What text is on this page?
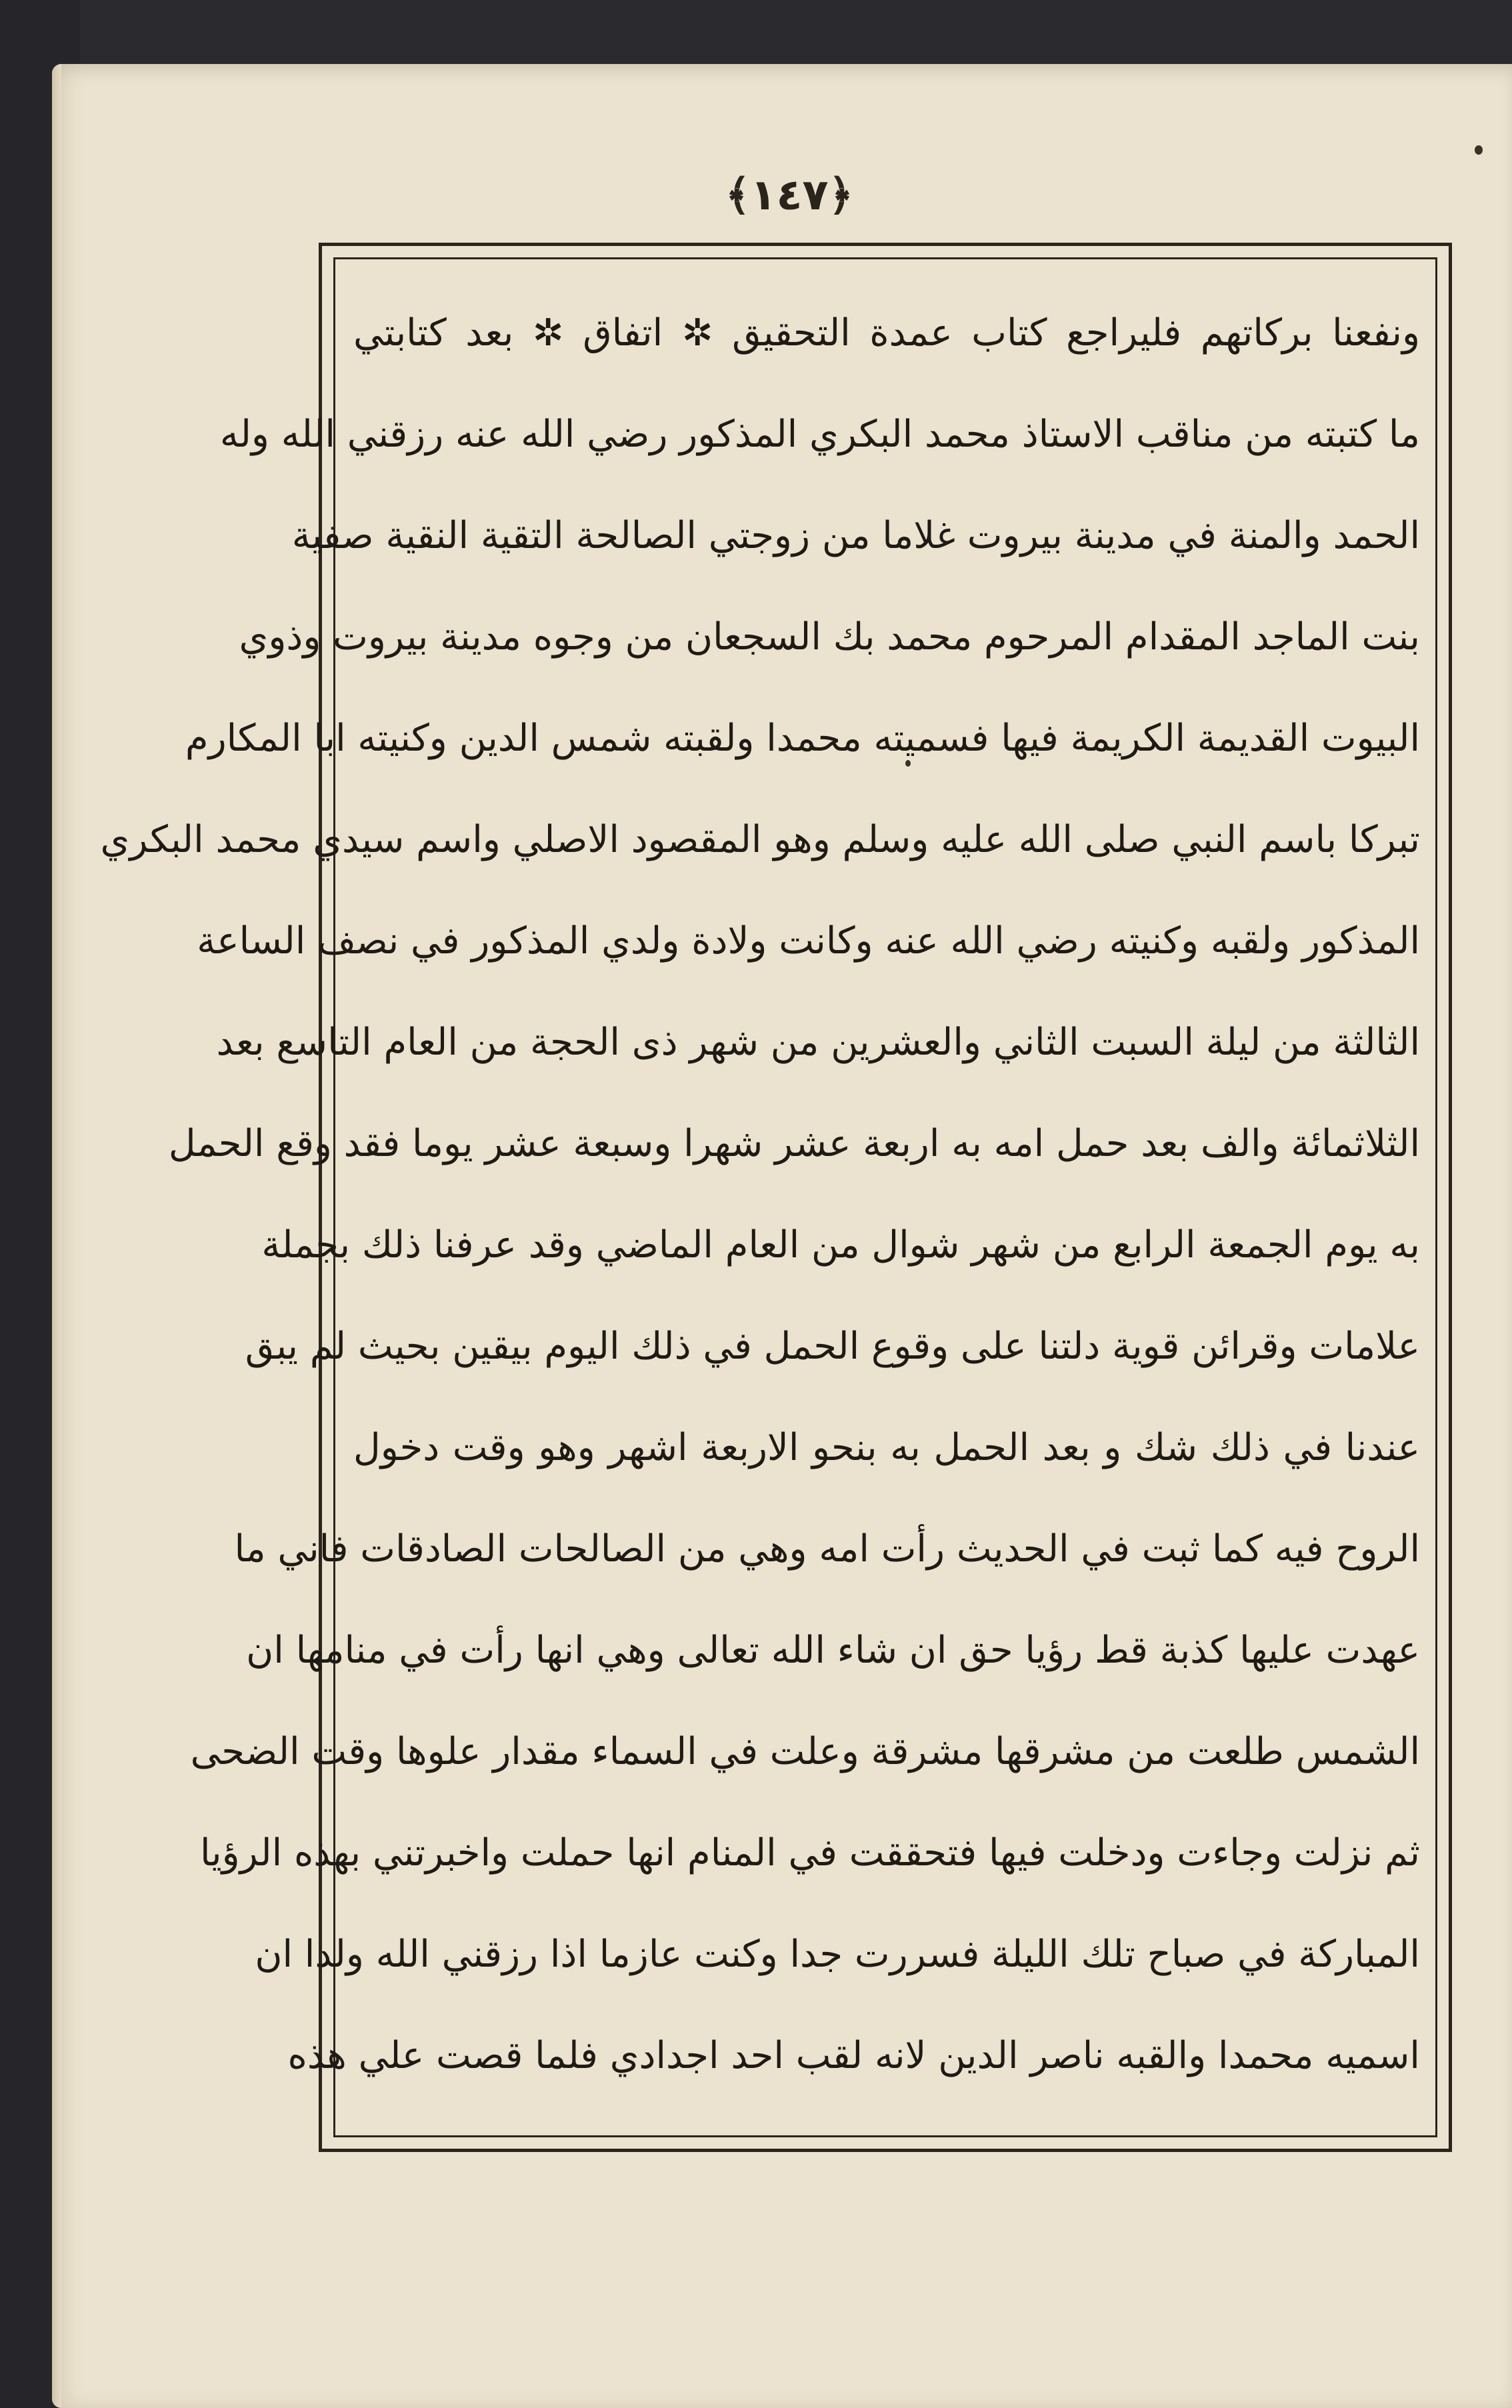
﴿١٤٧﴾
ونفعنا بركاتهم فليراجع كتاب عمدة التحقيق ✲ اتفاق ✲ بعد كتابتي
ما كتبته من مناقب الاستاذ محمد البكري المذكور رضي الله عنه رزقني الله وله
الحمد والمنة في مدينة بيروت غلاما من زوجتي الصالحة التقية النقية صفية
بنت الماجد المقدام المرحوم محمد بك السجعان من وجوه مدينة بيروت وذوي
البيوت القديمة الكريمة فيها فسميته محمدا ولقبته شمس الدين وكنيته ابا المكارم
تبركا باسم النبي صلى الله عليه وسلم وهو المقصود الاصلي واسم سيدي محمد البكري
المذكور ولقبه وكنيته رضي الله عنه وكانت ولادة ولدي المذكور في نصف الساعة
الثالثة من ليلة السبت الثاني والعشرين من شهر ذى الحجة من العام التاسع بعد
الثلاثمائة والف بعد حمل امه به اربعة عشر شهرا وسبعة عشر يوما فقد وقع الحمل
به يوم الجمعة الرابع من شهر شوال من العام الماضي وقد عرفنا ذلك بجملة
علامات وقرائن قوية دلتنا على وقوع الحمل في ذلك اليوم بيقين بحيث لم يبق
عندنا في ذلك شك و بعد الحمل به بنحو الاربعة اشهر وهو وقت دخول
الروح فيه كما ثبت في الحديث رأت امه وهي من الصالحات الصادقات فاني ما
عهدت عليها كذبة قط رؤيا حق ان شاء الله تعالى وهي انها رأت في منامها ان
الشمس طلعت من مشرقها مشرقة وعلت في السماء مقدار علوها وقت الضحى
ثم نزلت وجاءت ودخلت فيها فتحققت في المنام انها حملت واخبرتني بهذه الرؤيا
المباركة في صباح تلك الليلة فسررت جدا وكنت عازما اذا رزقني الله ولدا ان
اسميه محمدا والقبه ناصر الدين لانه لقب احد اجدادي فلما قصت علي هذه
